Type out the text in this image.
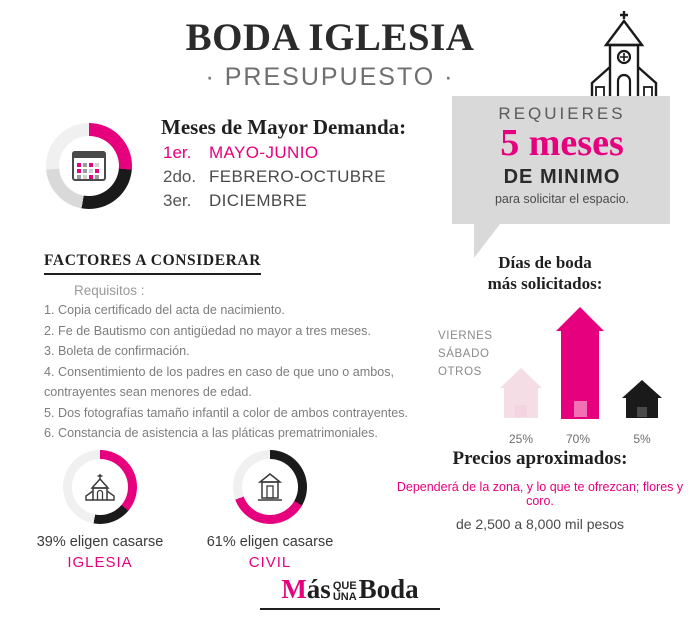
BODA IGLESIA
· PRESUPUESTO ·
Meses de Mayor Demanda:
1er.	MAYO-JUNIO
2do. FEBRERO-OCTUBRE
3er.	DICIEMBRE
REQUIERES
5 meses
DE MINIMO
para solicitar el espacio.
FACTORES A CONSIDERAR
Requisitos :
1. Copia certificado del acta de nacimiento.
2. Fe de Bautismo con antigüedad no mayor a tres meses.
3. Boleta de confirmación.
4. Consentimiento de los padres en caso de que uno o ambos,
contrayentes sean menores de edad.
5. Dos fotografías tamaño infantil a color de ambos contrayentes.
6. Constancia de asistencia a las pláticas prematrimoniales.
Días de boda
más solicitados:
VIERNES
SÁBADO
OTROS
25%	70%	5%
39% eligen casarse
IGLESIA
61% eligen casarse
CIVIL
Precios aproximados:
Dependerá de la zona, y lo que te ofrezcan; flores y coro.
de 2,500 a 8,000 mil pesos
Más QUE
UNA Boda
